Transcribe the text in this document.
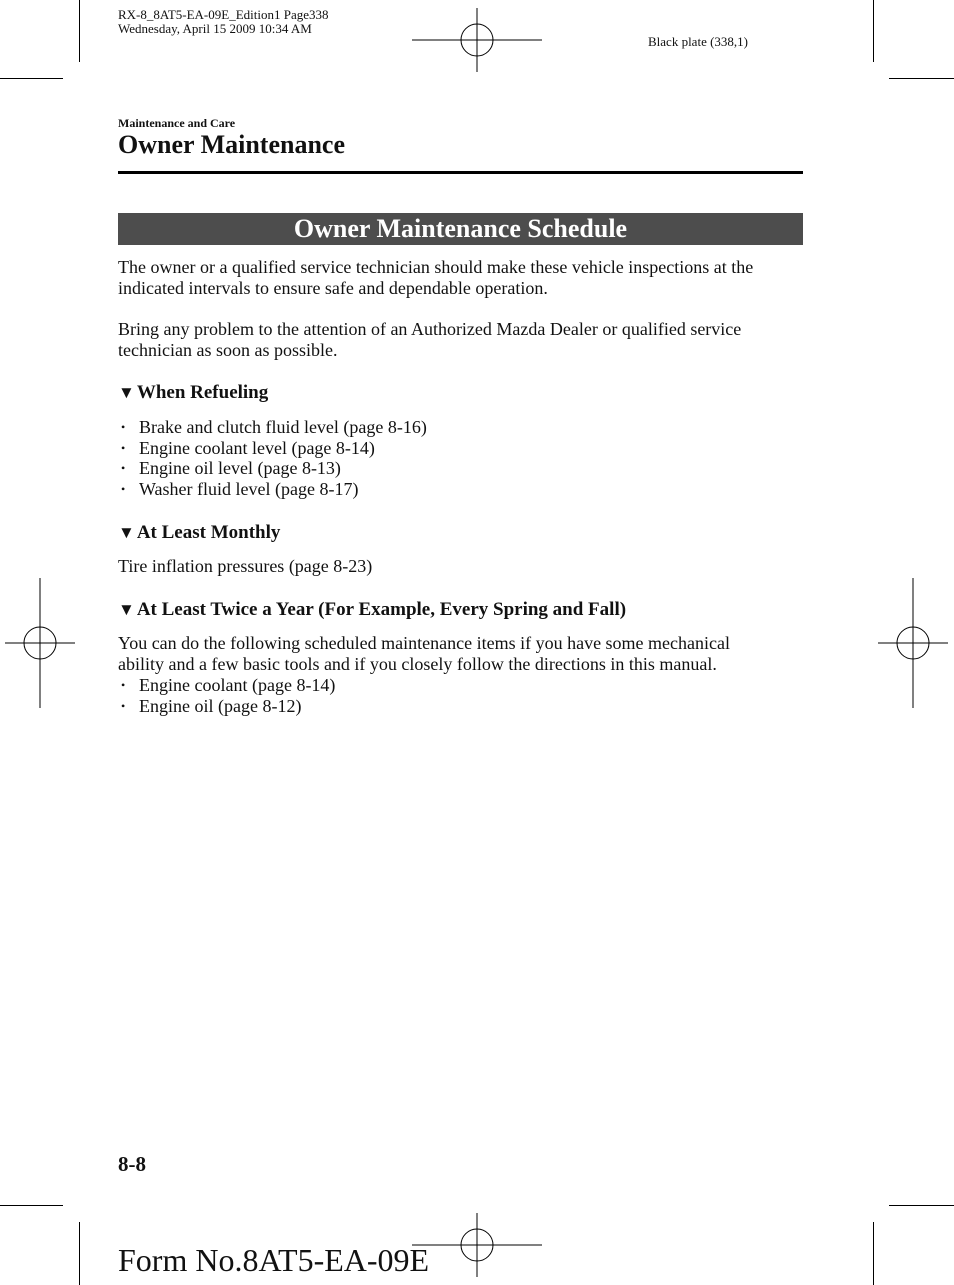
RX-8_8AT5-EA-09E_Edition1 Page338
Wednesday, April 15 2009 10:34 AM
Black plate (338,1)
Maintenance and Care
Owner Maintenance
Owner Maintenance Schedule
The owner or a qualified service technician should make these vehicle inspections at the indicated intervals to ensure safe and dependable operation.
Bring any problem to the attention of an Authorized Mazda Dealer or qualified service technician as soon as possible.
▼ When Refueling
• Brake and clutch fluid level (page 8-16)
• Engine coolant level (page 8-14)
• Engine oil level (page 8-13)
• Washer fluid level (page 8-17)
▼ At Least Monthly
Tire inflation pressures (page 8-23)
▼ At Least Twice a Year (For Example, Every Spring and Fall)
You can do the following scheduled maintenance items if you have some mechanical
ability and a few basic tools and if you closely follow the directions in this manual.
• Engine coolant (page 8-14)
• Engine oil (page 8-12)
8-8
Form No.8AT5-EA-09E
